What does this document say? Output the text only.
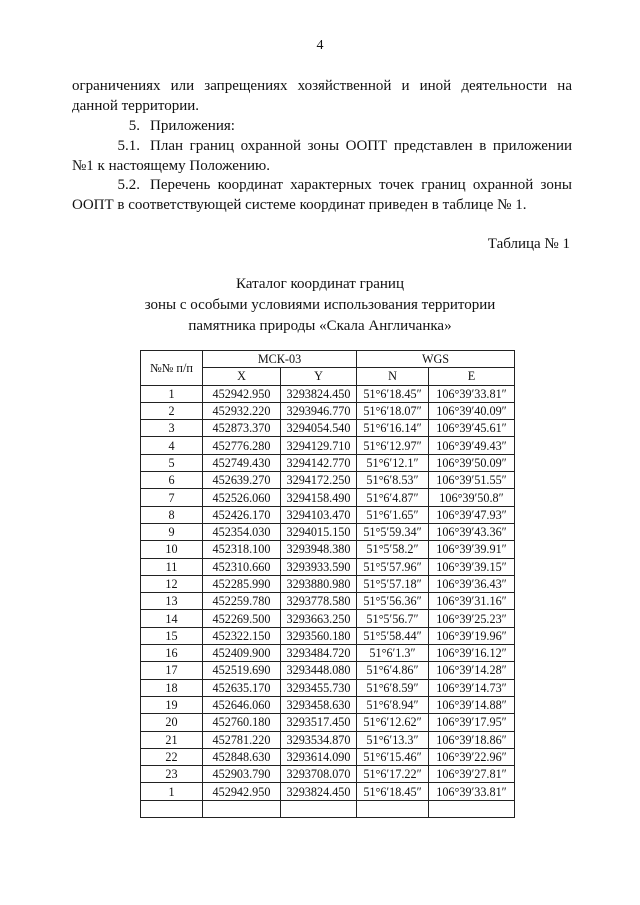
4
ограничениях или запрещениях хозяйственной и иной деятельности на данной территории.
5. Приложения:
5.1. План границ охранной зоны ООПТ представлен в приложении №1 к настоящему Положению.
5.2. Перечень координат характерных точек границ охранной зоны ООПТ в соответствующей системе координат приведен в таблице № 1.
Таблица № 1
Каталог координат границ
зоны с особыми условиями использования территории
памятника природы «Скала Англичанка»
№№ п/п	МСК-03		WGS	
	X	Y	N	E
1	452942.950	3293824.450	51°6′18.45″	106°39′33.81″
2	452932.220	3293946.770	51°6′18.07″	106°39′40.09″
3	452873.370	3294054.540	51°6′16.14″	106°39′45.61″
4	452776.280	3294129.710	51°6′12.97″	106°39′49.43″
5	452749.430	3294142.770	51°6′12.1″	106°39′50.09″
6	452639.270	3294172.250	51°6′8.53″	106°39′51.55″
7	452526.060	3294158.490	51°6′4.87″	106°39′50.8″
8	452426.170	3294103.470	51°6′1.65″	106°39′47.93″
9	452354.030	3294015.150	51°5′59.34″	106°39′43.36″
10	452318.100	3293948.380	51°5′58.2″	106°39′39.91″
11	452310.660	3293933.590	51°5′57.96″	106°39′39.15″
12	452285.990	3293880.980	51°5′57.18″	106°39′36.43″
13	452259.780	3293778.580	51°5′56.36″	106°39′31.16″
14	452269.500	3293663.250	51°5′56.7″	106°39′25.23″
15	452322.150	3293560.180	51°5′58.44″	106°39′19.96″
16	452409.900	3293484.720	51°6′1.3″	106°39′16.12″
17	452519.690	3293448.080	51°6′4.86″	106°39′14.28″
18	452635.170	3293455.730	51°6′8.59″	106°39′14.73″
19	452646.060	3293458.630	51°6′8.94″	106°39′14.88″
20	452760.180	3293517.450	51°6′12.62″	106°39′17.95″
21	452781.220	3293534.870	51°6′13.3″	106°39′18.86″
22	452848.630	3293614.090	51°6′15.46″	106°39′22.96″
23	452903.790	3293708.070	51°6′17.22″	106°39′27.81″
1	452942.950	3293824.450	51°6′18.45″	106°39′33.81″
